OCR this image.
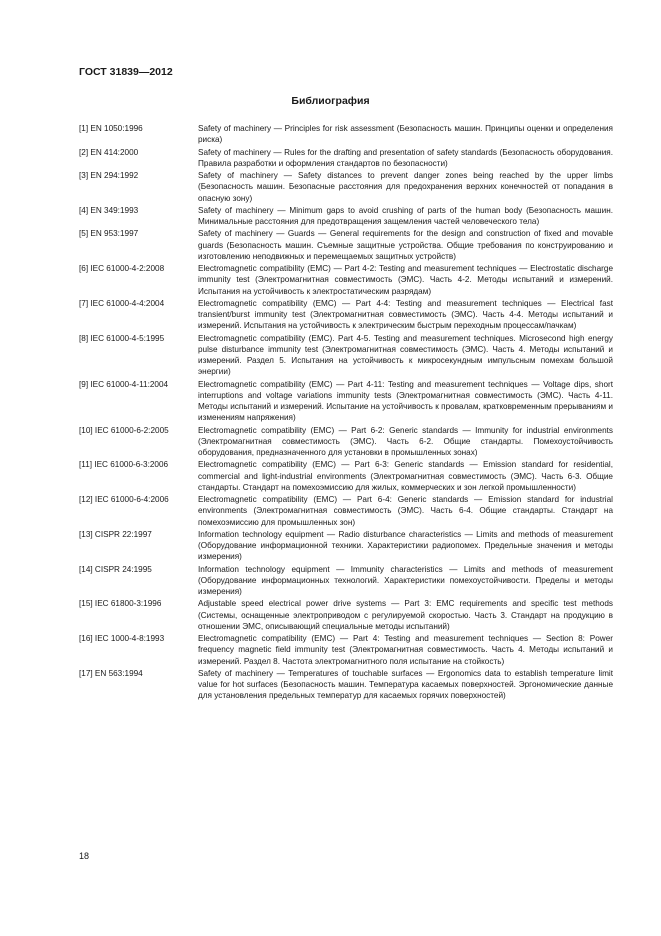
ГОСТ 31839—2012
Библиография
[1] EN 1050:1996	Safety of machinery — Principles for risk assessment (Безопасность машин. Принципы оценки и определения риска)
[2] EN 414:2000	Safety of machinery — Rules for the drafting and presentation of safety standards (Безопасность оборудования. Правила разработки и оформления стандартов по безопасности)
[3] EN 294:1992	Safety of machinery — Safety distances to prevent danger zones being reached by the upper limbs (Безопасность машин. Безопасные расстояния для предохранения верхних конечностей от попадания в опасную зону)
[4] EN 349:1993	Safety of machinery — Minimum gaps to avoid crushing of parts of the human body (Безопасность машин. Минимальные расстояния для предотвращения защемления частей человеческого тела)
[5] EN 953:1997	Safety of machinery — Guards — General requirements for the design and construction of fixed and movable guards (Безопасность машин. Съемные защитные устройства. Общие требования по конструированию и изготовлению неподвижных и перемещаемых защитных устройств)
[6] IEC 61000-4-2:2008	Electromagnetic compatibility (EMC) — Part 4-2: Testing and measurement techniques — Electrostatic discharge immunity test (Электромагнитная совместимость (ЭМС). Часть 4-2. Методы испытаний и измерений. Испытания на устойчивость к электростатическим разрядам)
[7] IEC 61000-4-4:2004	Electromagnetic compatibility (EMC) — Part 4-4: Testing and measurement techniques — Electrical fast transient/burst immunity test (Электромагнитная совместимость (ЭМС). Часть 4-4. Методы испытаний и измерений. Испытания на устойчивость к электрическим быстрым переходным процессам/пачкам)
[8] IEC 61000-4-5:1995	Electromagnetic compatibility (EMC). Part 4-5. Testing and measurement techniques. Microsecond high energy pulse disturbance immunity test (Электромагнитная совместимость (ЭМС). Часть 4. Методы испытаний и измерений. Раздел 5. Испытания на устойчивость к микросекундным импульсным помехам большой энергии)
[9] IEC 61000-4-11:2004	Electromagnetic compatibility (EMC) — Part 4-11: Testing and measurement techniques — Voltage dips, short interruptions and voltage variations immunity tests (Электромагнитная совместимость (ЭМС). Часть 4-11. Методы испытаний и измерений. Испытание на устойчивость к провалам, кратковременным прерываниям и изменениям напряжения)
[10] IEC 61000-6-2:2005	Electromagnetic compatibility (EMC) — Part 6-2: Generic standards — Immunity for industrial environments (Электромагнитная совместимость (ЭМС). Часть 6-2. Общие стандарты. Помехоустойчивость оборудования, предназначенного для установки в промышленных зонах)
[11] IEC 61000-6-3:2006	Electromagnetic compatibility (EMC) — Part 6-3: Generic standards — Emission standard for residential, commercial and light-industrial environments (Электромагнитная совместимость (ЭМС). Часть 6-3. Общие стандарты. Стандарт на помехоэмиссию для жилых, коммерческих и зон легкой промышленности)
[12] IEC 61000-6-4:2006	Electromagnetic compatibility (EMC) — Part 6-4: Generic standards — Emission standard for industrial environments (Электромагнитная совместимость (ЭМС). Часть 6-4. Общие стандарты. Стандарт на помехоэмиссию для промышленных зон)
[13] CISPR 22:1997	Information technology equipment — Radio disturbance characteristics — Limits and methods of measurement (Оборудование информационной техники. Характеристики радиопомех. Предельные значения и методы измерения)
[14] CISPR 24:1995	Information technology equipment — Immunity characteristics — Limits and methods of measurement (Оборудование информационных технологий. Характеристики помехоустойчивости. Пределы и методы измерения)
[15] IEC 61800-3:1996	Adjustable speed electrical power drive systems — Part 3: EMC requirements and specific test methods (Системы, оснащенные электроприводом с регулируемой скоростью. Часть 3. Стандарт на продукцию в отношении ЭМС, описывающий специальные методы испытаний)
[16] IEC 1000-4-8:1993	Electromagnetic compatibility (EMC) — Part 4: Testing and measurement techniques — Section 8: Power frequency magnetic field immunity test (Электромагнитная совместимость. Часть 4. Методы испытаний и измерений. Раздел 8. Частота электромагнитного поля испытание на стойкость)
[17] EN 563:1994	Safety of machinery — Temperatures of touchable surfaces — Ergonomics data to establish temperature limit value for hot surfaces (Безопасность машин. Температура касаемых поверхностей. Эргономические данные для установления предельных температур для касаемых горячих поверхностей)
18
